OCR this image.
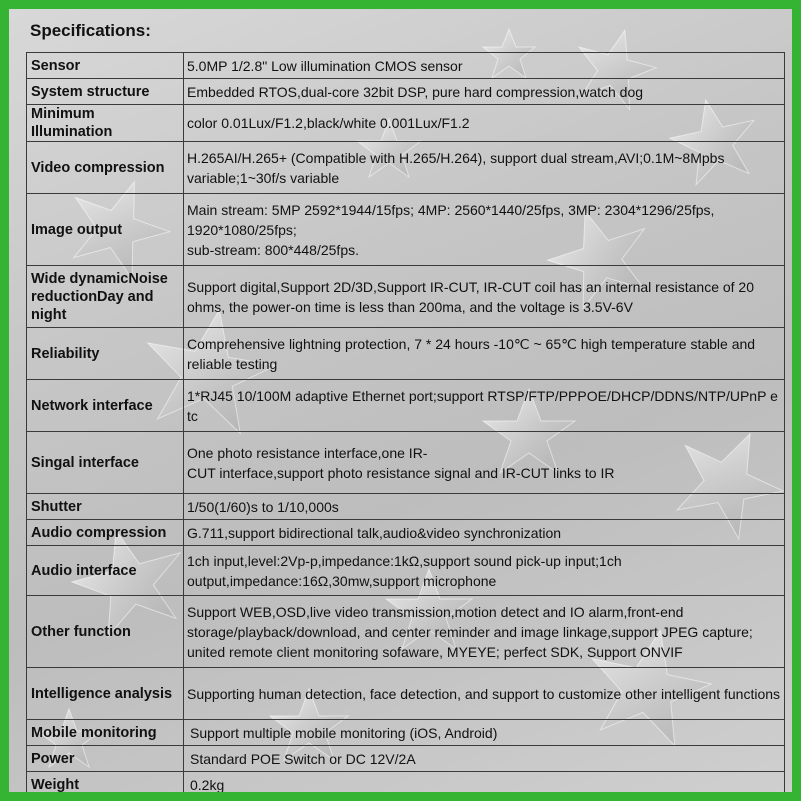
Specifications:
Sensor	5.0MP 1/2.8" Low illumination CMOS sensor
System structure	Embedded RTOS,dual-core 32bit DSP, pure hard compression,watch dog
Minimum Illumination	color 0.01Lux/F1.2,black/white 0.001Lux/F1.2
Video compression	H.265AI/H.265+ (Compatible with H.265/H.264), support dual stream,AVI;0.1M~8Mpbs variable;1~30f/s variable
Image output	Main stream: 5MP 2592*1944/15fps; 4MP: 2560*1440/25fps, 3MP: 2304*1296/25fps, 1920*1080/25fps;
sub-stream: 800*448/25fps.
Wide dynamicNoise reductionDay and night	Support digital,Support 2D/3D,Support IR-CUT, IR-CUT coil has an internal resistance of 20 ohms, the power-on time is less than 200ma, and the voltage is 3.5V-6V
Reliability	Comprehensive lightning protection, 7 * 24 hours -10℃ ~ 65℃ high temperature stable and reliable testing
Network interface	1*RJ45 10/100M adaptive Ethernet port;support RTSP/FTP/PPPOE/DHCP/DDNS/NTP/UPnP etc
Singal interface	One photo resistance interface,one IR-
CUT interface,support photo resistance signal and IR-CUT links to IR
Shutter	1/50(1/60)s to 1/10,000s
Audio compression	G.711,support bidirectional talk,audio&video synchronization
Audio interface	1ch input,level:2Vp-p,impedance:1kΩ,support sound pick-up input;1ch output,impedance:16Ω,30mw,support microphone
Other function	Support WEB,OSD,live video transmission,motion detect and IO alarm,front-end storage/playback/download, and center reminder and image linkage,support JPEG capture; united remote client monitoring sofaware, MYEYE; perfect SDK, Support ONVIF
Intelligence analysis	Supporting human detection, face detection, and support to customize other intelligent functions
Mobile monitoring	Support multiple mobile monitoring (iOS, Android)
Power	Standard POE Switch or DC 12V/2A
Weight	0.2kg
